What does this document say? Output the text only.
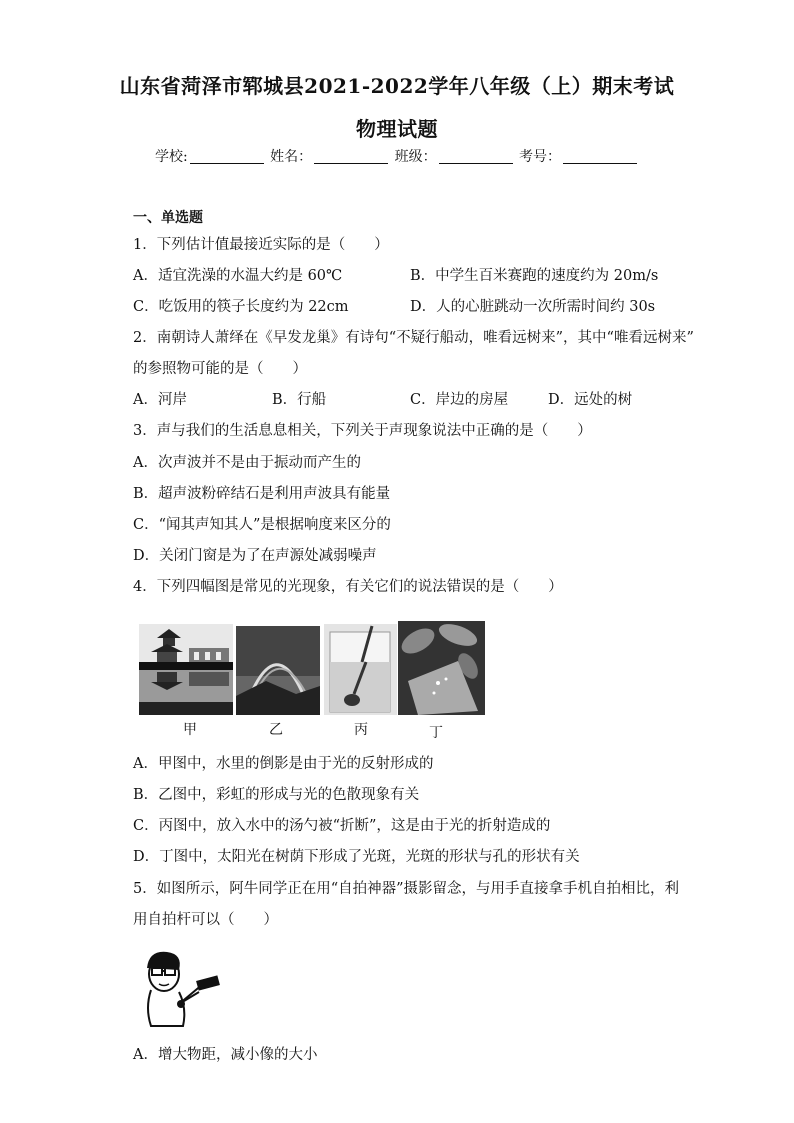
山东省菏泽市郓城县2021-2022学年八年级（上）期末考试
物理试题
学校:	姓名：	班级：	考号：
一、单选题
1．下列估计值最接近实际的是（　　）
A．适宜洗澡的水温大约是 60℃	B．中学生百米赛跑的速度约为 20m/s
C．吃饭用的筷子长度约为 22cm	D．人的心脏跳动一次所需时间约 30s
2．南朝诗人萧绎在《早发龙巢》有诗句“不疑行船动，唯看远树来”，其中“唯看远树来”
的参照物可能的是（　　）
A．河岸	B．行船	C．岸边的房屋	D．远处的树
3．声与我们的生活息息相关，下列关于声现象说法中正确的是（　　）
A．次声波并不是由于振动而产生的
B．超声波粉碎结石是利用声波具有能量
C．“闻其声知其人”是根据响度来区分的
D．关闭门窗是为了在声源处减弱噪声
4．下列四幅图是常见的光现象，有关它们的说法错误的是（　　）
甲	乙	丙	丁
A．甲图中，水里的倒影是由于光的反射形成的
B．乙图中，彩虹的形成与光的色散现象有关
C．丙图中，放入水中的汤勺被“折断”，这是由于光的折射造成的
D．丁图中，太阳光在树荫下形成了光斑，光斑的形状与孔的形状有关
5．如图所示，阿牛同学正在用“自拍神器”摄影留念，与用手直接拿手机自拍相比，利
用自拍杆可以（　　）
A．增大物距，减小像的大小
